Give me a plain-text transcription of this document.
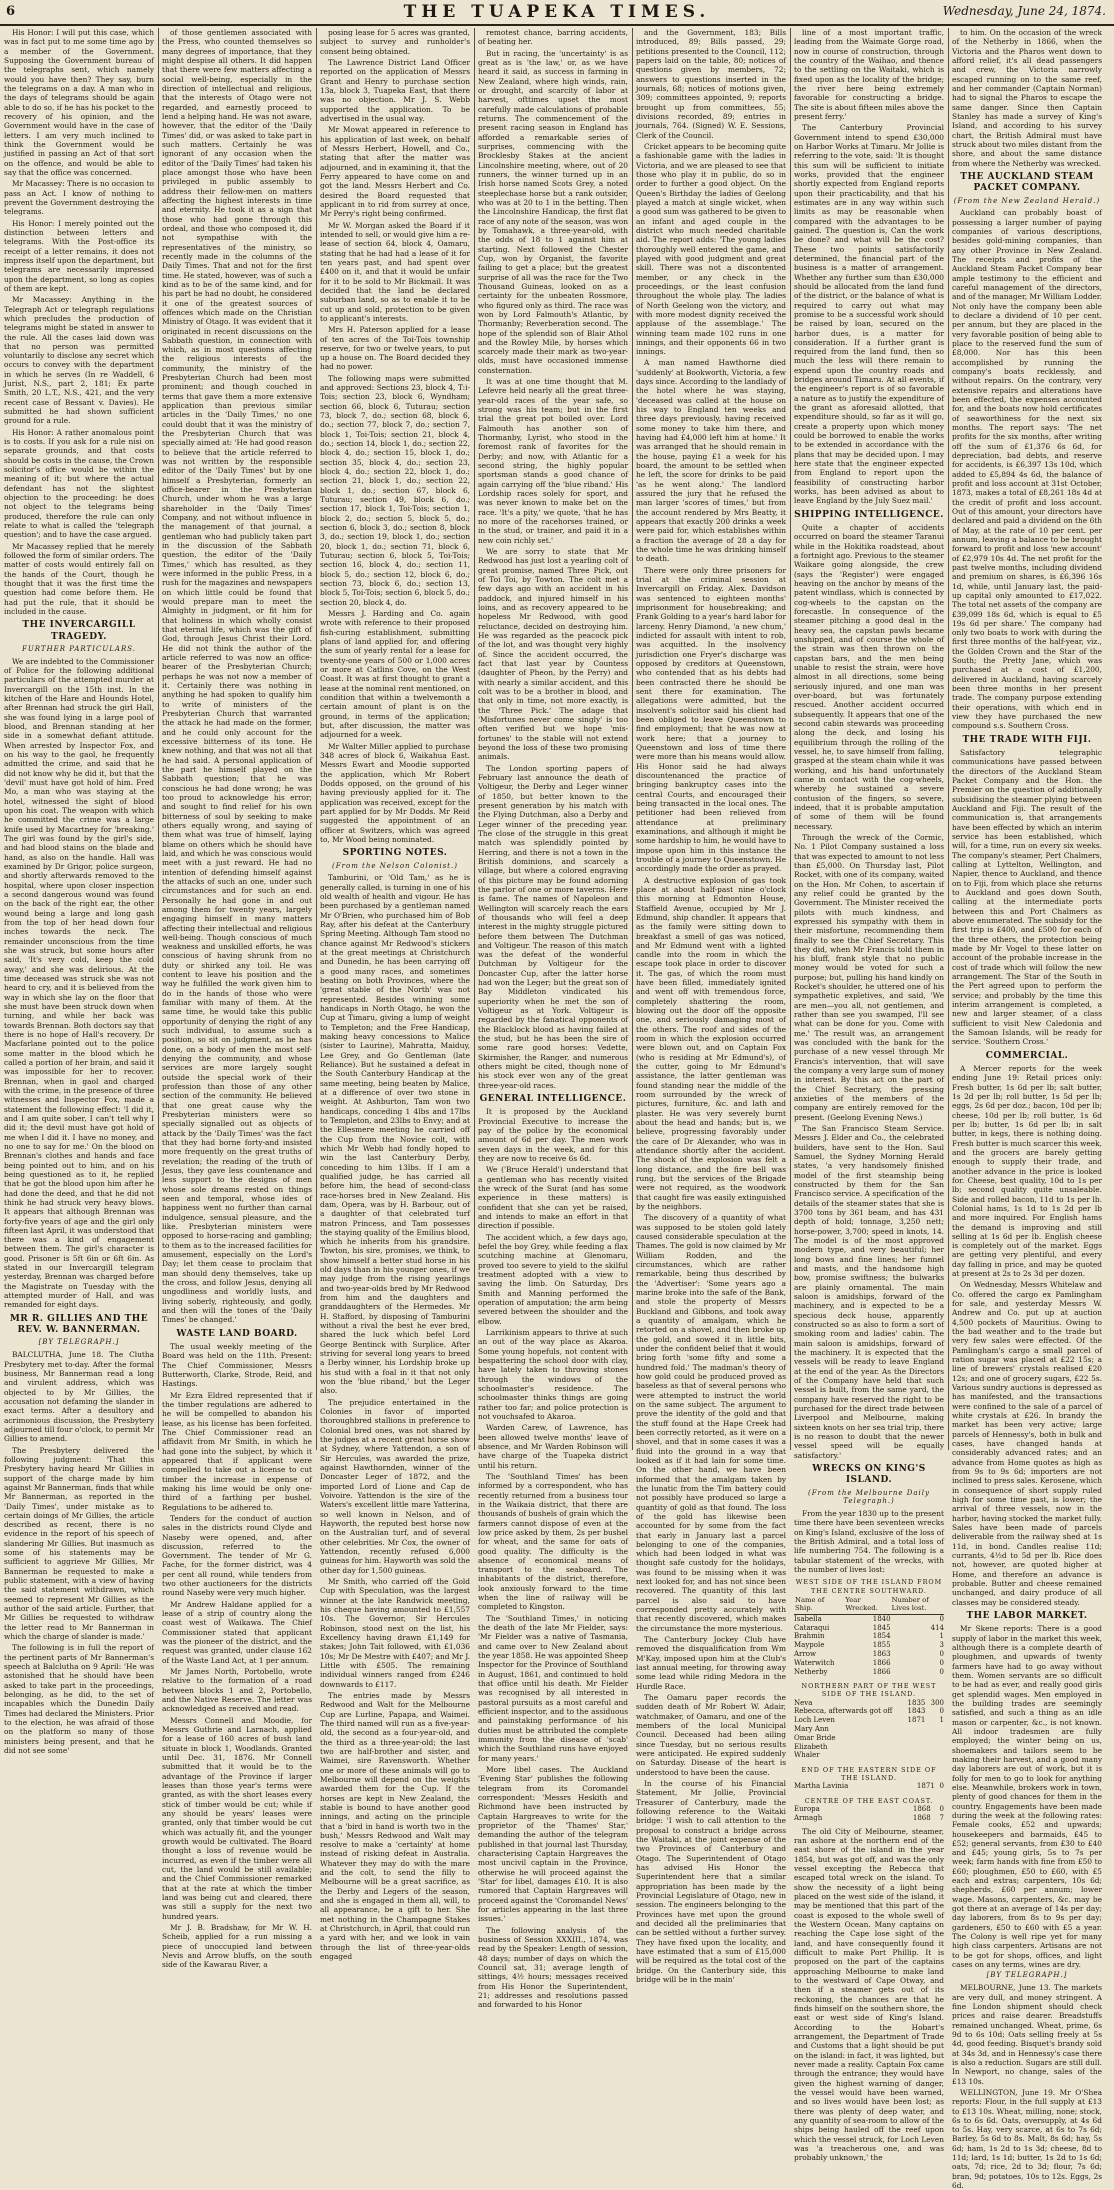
6	THE TUAPEKA TIMES.	Wednesday, June 24, 1874.

His Honor: I will put this case, which was in fact put to me some time ago by a member of the Government. Supposing the Government bureau of the telegraphs sent, which namely would you have then? They say, burn the telegrams on a day. A man who in the days of telegrams should be again able to do so, if he has his pocket to the recovery of his opinion, and the Government would have in the case of letters. I am very much inclined to think the Government would be justified in passing an Act of that sort on the offence, and would be able to say that the office was concerned.

Mr Macassey: There is no occasion to pass an Act. I know of nothing to prevent the Government destroying the telegrams.

His Honor: I merely pointed out the distinction between letters and telegrams. With the Post-office its receipt of a letter remains, it does not impress itself upon the department, but telegrams are necessarily impressed upon the department, so long as copies of them are kept.

Mr Macassey: Anything in the Telegraph Act or telegraph regulations which precludes the production of telegrams might be stated in answer to the rule. All the cases laid down was that no person was permitted voluntarily to disclose any secret which occurs to convey with the department in which he serves (In re Waddell, 6 Jurist, N.S., part 2, 181; Ex parte Smith, 20 L.T., N.S., 421, and the very recent case of Bessant v. Davies). He submitted he had shown sufficient ground for a rule.

His Honor: A rather anomalous point is to costs. If you ask for a rule nisi on separate grounds, and that costs should be costs in the cause, the Crown solicitor's office would be within the meaning of it; but where the actual defendant has not the slightest objection to the proceeding: he does not object to the telegrams being produced, therefore the rule can only relate to what is called the 'telegraph question'; and to have the case argued.

Mr Macassey replied that he merely followed the form of similar orders. The matter of costs would entirely fall on the hands of the Court, though he thought that it was the first time the question had come before them. He had put the rule, that it should be included in the cause.

THE INVERCARGILL TRAGEDY.
FURTHER PARTICULARS.

We are indebted to the Commissioner of Police for the following additional particulars of the attempted murder at Invercargill on the 15th inst. In the kitchen of the Hare and Hounds Hotel, after Brennan had struck the girl Hall, she was found lying in a large pool of blood, and Brennan standing at her side in a somewhat defiant attitude. When arrested by Inspector Fox, and on his way to the gaol, he frequently admitted the crime, and said that he did not know why he did it, but that the 'devil' must have got hold of him. Fred Mo, a man who was staying at the hotel, witnessed the sight of blood upon his coat. The weapon with which he committed the crime was a large knife used by Macartney for 'breaking.' The girl was found by the girl's side, and had blood stains on the blade and hand, as also on the handle. Hall was examined by Dr Grigor, police surgeon, and shortly afterwards removed to the hospital, where upon closer inspection a second dangerous wound was found on the back of the right ear, the other wound being a large and long gash from the top of her head down four inches towards the neck. The remainder unconscious from the time she was struck, but some hours after said, 'It's very cold, keep the cold away,' and she was delirious. At the time deceased was struck she was not heard to cry, and it is believed from the way in which she lay on the floor that she must have been struck down when turning, and while her back was towards Brennan. Both doctors say that there is no hope of Hall's recovery. Dr Macfarlane pointed out to the police some matter in the blood which he called a portion of her brain, and said it was impossible for her to recover. Brennan, when in gaol and charged with the crime, in the presence of three witnesses and Inspector Fox, made a statement the following effect: 'I did it, and I am quite sober, I can't tell why I did it; the devil must have got hold of me when I did it. I have no money, and no one to say for me.' On the blood on Brennan's clothes and hands and face being pointed out to him, and on his being questioned as to it, he replied that he got the blood upon him after he had done the deed, and that he did not think he had struck very heavy blows. It appears that although Brennan was forty-five years of age and the girl only fifteen last April, it was understood that there was a kind of engagement between them. The girl's character is good. Prisoner is 5ft 6in or 6ft 6in. As stated in our Invercargill telegram yesterday, Brennan was charged before the Magistrate on Tuesday with the attempted murder of Hall, and was remanded for eight days.

MR R. GILLIES AND THE REV. W. BANNERMAN.
[BY TELEGRAPH.]

BALCLUTHA, June 18. The Clutha Presbytery met to-day. After the formal business, Mr Bannerman read a long and virulent address, which was objected to by Mr Gillies, the accusation not defaming the slander in exact terms. After a desultory and acrimonious discussion, the Presbytery adjourned till four o'clock, to permit Mr Gillies to amend.

The Presbytery delivered the following judgment: 'That this Presbytery having heard Mr Gillies in support of the charge made by him against Mr Bannerman, finds that while Mr Bannerman, as reported in the 'Daily Times', under mistake as to certain doings of Mr Gillies, the article described as recent, there is no evidence in the report of his speech of slandering Mr Gillies. But inasmuch as some of his statements may be sufficient to aggrieve Mr Gillies, Mr Bannerman be requested to make a public statement, with a view of having the said statement withdrawn, which seemed to represent Mr Gillies as the author of the said article. Further, that Mr Gillies be requested to withdraw the letter read to Mr Bannerman in which the charge of slander is made.'

The following is in full the report of the pertinent parts of Mr Bannerman's speech at Balclutha on 9 April: 'He was astonished that he should have been asked to take part in the proceedings, belonging, as he did, to the set of incapables which the Dunedin Daily Times had declared the Ministers. Prior to the election, he was afraid of those on the platform so many of those ministers being present, and that he did not see some'

of those gentlemen associated with the Press, who counted themselves so many degrees of importance, that they might despise all others. It did happen that there were few matters affecting a social well-being, especially in the direction of intellectual and religious, that the interests of Otago were not regarded, and earnestly proceed to lend a helping hand. He was not aware, however, that the editor of the 'Daily Times' did, or was asked to take part in such matters. Certainly he was ignorant of any occasion when the editor of the 'Daily Times' had taken his place amongst those who have been privileged in public assembly to address their fellow-men on matters affecting the highest interests in time and eternity. He took it as a sign that those who had gone through this ordeal, and those who composed it, did not sympathise with the representatives of the ministry, so recently made in the columns of the Daily Times. That and not for the first time. He stated, however, was of such a kind as to be of the same kind, and for his part he had no doubt, he considered it one of the greatest sources of offences which made on the Christian Ministry of Otago. It was evident that it originated in recent discussions on the Sabbath question, in connection with which, as in most questions affecting the religious interests of the community, the ministry of the Presbyterian Church had been most prominent; and though couched in terms that gave them a more extensive application than previous similar articles in the 'Daily Times,' no one could doubt that it was the ministry of the Presbyterian Church that was specially aimed at: 'He had good reason to believe that the article referred to was not written by the responsible editor of the 'Daily Times' but by one himself a Presbyterian, formerly an office-bearer in the Presbyterian Church, under whom he was a large shareholder in the 'Daily Times' Company, and not without influence in the management of that journal, a gentleman who had publicly taken part in the discussion of the Sabbath question, the editor of the 'Daily Times,' which has resulted, as they were informed in the public Press, in a rush for the magazines and newspapers on which little could be found that would prepare man to meet the Almighty in judgment, or fit him for that holiness in which wholly consist that eternal life, which was the gift of God, through Jesus Christ their Lord. He did not think the author of the article referred to was now an office-bearer of the Presbyterian Church; perhaps he was not now a member of it. Certainly there was nothing in anything he had spoken to qualify him to write of ministers of the Presbyterian Church that warranted the attack he had made on the former, and he could only account for the excessive bitterness of its tone. He knew nothing, and that was not all that he had said. A personal application of the part he himself played on the Sabbath question; that he was conscious he had done wrong; he was too proud to acknowledge his error; and sought to find relief for his own bitterness of soul by seeking to make others equally wrong, and saying of them what was true of himself, laying blame on others which he should have laid, and which he was conscious would meet with a just reward. He had no intention of defending himself against the attacks of such an one, under such circumstances and for such an end. Personally he had gone in and out among them for twenty years, largely engaging himself in many matters affecting their intellectual and religious well-being. Though conscious of much weakness and unskilled efforts, he was conscious of having shrunk from no duty or shirked any toil. He was content to leave his position and the way he fulfilled the work given him to do in the hands of those who were familiar with many of them. At the same time, he would take this public opportunity of denying the right of any such individual, to assume such a position, so sit on judgment, as he has done, on a body of men the most self-denying the community, and whose services are more largely sought outside the special work of their profession than those of any other section of the community. He believed that one great cause why the Presbyterian ministers were so specially signalled out as objects of attack by the 'Daily Times' was the fact that they had borne forty-and insisted more frequently on the great truths of revelation; the reading of the truth of Jesus, they gave less countenance and less support to the designs of men whose sole dreams rested on things seen and temporal, whose ides of happiness went no further than carnal indulgence, sensual pleasure, and the like. Presbyterian ministers were opposed to horse-racing and gambling; to them as to the increased facilities for amusement, especially on the Lord's Day; let them cease to proclaim that man should deny themselves, take up the cross, and follow Jesus, denying all ungodliness and worldly lusts, and living soberly, righteously, and godly, and then will the tones of the 'Daily Times' be changed.'

WASTE LAND BOARD.

The usual weekly meeting of the Board was held on the 11th. Present: The Chief Commissioner, Messrs Butterworth, Clarke, Strode, Reid, and Hastings.

Mr Ezra Eldred represented that if the timber regulations are adhered to he will be compelled to abandon his lease, as his license has been forfeited. The Chief Commissioner read an affidavit from Mr Smith, in which he had gone into the subject, by which it appeared that if applicant were compelled to take out a license to cut timber the increase in expense of making his lime would be only one-third of a farthing per bushel. Regulations to be adhered to.

Tenders for the conduct of auction sales in the districts round Clyde and Naseby were opened, and, after discussion, referred to the Government. The tender of Mr G. Fache, for the former district, was 4 per cent all round, while tenders from two other auctioneers for the districts round Naseby were very much higher.

Mr Andrew Haldane applied for a lease of a strip of country along the coast west of Waikawa. The Chief Commissioner stated that applicant was the pioneer of the district, and the request was granted, under clause 162 of the Waste Land Act, at 1 per annum.

Mr James North, Portobello, wrote relative to the formation of a road between blocks 1 and 2, Portobello, and the Native Reserve. The letter was acknowledged as received and read.

Messrs Connell and Moodie, for Messrs Guthrie and Larnach, applied for a lease of 160 acres of bush land situate in block 1, Woodlands. Granted until Dec. 31, 1876. Mr Connell submitted that it would be to the advantage of the Province if larger leases than those year's terms were granted, as with the short leases every stick of timber would be cut; while if any should be years' leases were granted, only that timber would be cut which was actually fit, and the younger growth would be cultivated. The Board thought a loss of revenue would be incurred, as even if the timber were all cut, the land would be still available; and the Chief Commissioner remarked that at the rate at which the timber land was being cut and cleared, there was still a supply for the next two hundred years.

Mr J. B. Bradshaw, for Mr W. H. Scheib, applied for a run missing a piece of unoccupied land between Nevis and Arrow bluffs, on the south side of the Kawarau River, a

posing lease for 5 acres was granted, subject to survey and runholder's consent being obtained.

The Lawrence District Land Officer reported on the application of Messrs Grant and Henry to purchase section 13a, block 3, Tuapeka East, that there was no objection. Mr J. S. Webb supported the application. To be advertised in the usual way.

Mr Mowat appeared in reference to his application of last week, on behalf of Messrs Herbert, Howell, and Co., stating that after the matter was adjourned, and in examining it, that the Ferry appeared to have come on and got the land. Messrs Herbert and Co. desired the Board requested that applicant in to rid from surrey at once, Mr Perry's right being confirmed.

Mr W. Morgan asked the Board if it intended to sell, or would give him a re-lease of section 64, block 4, Oamaru, stating that he had had a lease of it for ten years past, and had spent over £400 on it, and that it would be unfair for it to be sold to Mr Bickmail. It was decided that the land be declared suburban land, so as to enable it to be cut up and sold, protection to be given to applicant's interests.

Mrs H. Paterson applied for a lease of ten acres of the Toi-Tois township reserve, for two or twelve years, to put up a house on. The Board decided they had no power.

The following maps were submitted and approved: Sections 23, block 4, T:i-Tois; section 23, block 6, Wyndham; section 66, block 6, Tuturau; section 73, block 7, do.; section 68, block 6, do.; section 77, block 7, do.; section 7, block 1, Toi-Tois; section 21, block 4, do.; section 14, block 1, do.; section 22, block 4, do.; section 15, block 1, do.; section 35, block 4, do.; section 23, block 4, do.; section 22, block 1, do.; section 21, block 1, do.; section 22, block 1, do.; section 67, block 6, Tuturau; section 49, block 6, do.; section 17, block 1, Toi-Tois; section 1, block 2, do.; section 5, block 5, do.; section 6, block 3, do.; section 8, block 3, do.; section 19, block 1, do.; section 20, block 1, do.; section 71, block 6, Tuturau; section 6, block 5, Toi-Tois; section 16, block 4, do.; section 11, block 5, do.; section 12, block 6, do.; section 73, block 6, do.; section 13, block 5, Toi-Tois; section 6, block 5, do.; section 20, block 4, do.

Messrs J. Harding and Co. again wrote with reference to their proposed fish-curing establishment, submitting plans of land applied for, and offering the sum of yearly rental for a lease for twenty-one years of 500 or 1,000 acres or more at Catlins Cove, on the West Coast. It was at first thought to grant a lease at the nominal rent mentioned, on condition that within a twelvemonth a certain amount of plant is on the ground, in terms of the application; but, after discussion, the matter was adjourned for a week.

Mr Walter Miller applied to purchase 348 acres of block 6, Waikahua East. Messrs Ewart and Moodie supported the application, which Mr Robert Dodds opposed, on the ground of his having previously applied for it. The application was received, except for the part applied for by Mr Dodds. Mr Reid suggested the appointment of an officer at Switzers, which was agreed to, Mr Wood being nominated.

SPORTING NOTES.
(From the Nelson Colonist.)

Tamburini, or 'Old Tam,' as he is generally called, is turning in one of his old wealth of health and vigour. He has been purchased by a gentleman named Mr O'Brien, who purchased him of Bob Ray, after his defeat at the Canterbury Spring Meeting. Although Tam stood no chance against Mr Redwood's stickers at the great meetings at Christchurch and Dunedin, he has been carrying off a good many races, and sometimes beating on both Provinces, where the 'great stable of the North' was not represented. Besides winning some handicaps in North Otago, he won the Cup at Timaru, giving a lump of weight to Templeton; and the Free Handicap, making heavy concessions to Malice (sister to Laurine), Mahratta, Maiduy, Lee Grey, and Go Gentleman (late Reliance). But he sustained a defeat in the South Canterbury Handicap at the same meeting, being beaten by Malice, at a difference of over two stone in weight. At Ashburton, Tam won two handicaps, conceding 1 4lbs and 17lbs to Templeton, and 23lbs to Envy; and at the Ellesmere meeting he carried off the Cup from the Novice colt, with which Mr Webb had fondly hoped to win the last Canterbury Derby, conceding to him 13lbs. If I am a qualified judge, he has carried all before him, the head of second-class race-horses bred in New Zealand. His dam, Opera, was by H. Barbour, out of a daughter of that celebrated turf matron Princess, and Tam possesses the staying quality of the Emilius blood, which he inherits from his grandsire. Towton, his sire, promises, we think, to show himself a better stud horse in his old days than in his younger ones, if we may judge from the rising yearlings and two-year-olds bred by Mr Redwood from him and the daughters and granddaughters of the Hermedes. Mr H. Stafford, by disposing of Tamburini without a rival the best he ever bred, shared the luck which befel Lord George Bentinck with Surplice. After striving for several long years to breed a Derby winner, his Lordship broke up his stud with a foal in it that not only won the 'blue riband,' but the Leger also.

The prejudice entertained in the Colonies in favor of imported thoroughbred stallions in preference to Colonial bred ones, was not shared by the judges at a recent great horse show at Sydney, where Yattendon, a son of Sir Hercules, was awarded the prize, against Hawthornden, winner of the Doncaster Leger of 1872, and the imported Lord of Lione and Cap de Voivoire. Yattendon is the sire of the Waters's excellent little mare Yatterina, so well known in Nelson, and of Hayworth, the reputed best horse now on the Australian turf, and of several other celebrities. Mr Cox, the owner of Yattendon, recently refused 6,000 guineas for him. Hayworth was sold the other day for 1,500 guineas.

Mr Smith, who carried off the Gold Cup with Speculation, was the largest winner at the late Randwick meeting, his cheque having amounted to £1,557 10s. The Governor, Sir Hercules Robinson, stood next on the list, his Excellency having drawn £1,149 for stakes; John Tait followed, with £1,036 10s; Mr De Mestre with £407; and Mr J. Little with £505. The remaining individual winners ranged from £246 downwards to £117.

The entries made by Messrs Redwood and Walt for the Melbourne Cup are Lurline, Papapa, and Waimei. The third named will run as a five-year-old, the second as a four-year-old, and the third as a three-year-old; the last two are half-brother and sister, and Waimei, sire Ravensworth. Whether one or more of these animals will go to Melbourne will depend on the weights awarded them for the Cup. If the horses are kept in New Zealand, the stable is bound to have another good innings, and acting on the principle that a 'bird in hand is worth two in the bush,' Messrs Redwood and Walt may resolve to make a 'certainty' at home instead of risking defeat in Australia. Whatever they may do with the mare and the colt, to send the filly to Melbourne will be a great sacrifice, as the Derby and Legers of the season, and she is engaged in them all, will, to all appearance, be a gift to her. She met nothing in the Champagne Stakes at Christchurch, in April, that could run a yard with her, and we look in vain through the list of three-year-olds engaged

remotest chance, barring accidents, of beating her.

But in racing, the 'uncertainty' is as great as is 'the law,' or, as we have heard it said, as success in farming in New Zealand, where high winds, rain, or drought, and scarcity of labor at harvest, ofttimes upset the most carefully made calculations of probable returns. The commencement of the present racing season in England has afforded a remarkable series of surprises, commencing with the Brocklesby Stakes at the ancient Lincolnshire meeting, where, out of 20 runners, the winner turned up in an Irish horse named Scots Grey, a noted steeplechase horse but a rank outsider, who was at 20 to 1 in the betting. Then the Lincolnshire Handicap, the first flat race of any note of the season, was won by Tomahawk, a three-year-old, with the odds of 18 to 1 against him at starting. Next followed the Chester Cup, won by Organist, the favorite failing to get a place; but the greatest surprise of all was the race for the Two Thousand Guineas, looked on as a certainty for the unbeaten Rossmore, who figured only as third. The race was won by Lord Falmouth's Atlantic, by Thormanby; Reverberation second. The hope of the splendid son of Blair Athol and the Rowley Mile, by horses which scarcely made their mark as two-year-olds, must have occasioned immense consternation.

It was at one time thought that M. Lefevre held nearly all the great three-year-old races of the year safe, so strong was his team; but in the first trial the great pot boiled over. Lord Falmouth has another son of Thormanby, Lyrist, who stood in the foremost rank of favorites for the Derby; and now, with Atlantic for a second string, the highly popular sportsman stands a good chance of again carrying off the 'blue riband.' His Lordship races solely for sport, and was never known to make bet on the race. 'It's a pity,' we quote, 'that he has no more of the racehorses trained, or in the stud, or trainer, and paid it in a new coin richly set.'

We are sorry to state that Mr Redwood has just lost a yearling colt of great promise, named Three Pick, out of Toi Toi, by Towton. The colt met a few days ago with an accident in his paddock, and injured himself in his loins, and as recovery appeared to be hopeless Mr Redwood, with good reluctance, decided on destroying him. He was regarded as the peacock pick of the lot, and was thought very highly of. Since the accident occurred, the fact that last year by Countess (daughter of Pheon, by the Perry) and with nearly a similar accident, and this colt was to be a brother in blood, and that only in time, not more exactly, is the 'Three Pick.' The adage that 'Misfortunes never come singly' is too often verified but we hope 'mis-fortunes' to the stable will not extend beyond the loss of these two promising animals.

The London sporting papers of February last announce the death of Voltigeur, the Derby and Leger winner of 1850, but better known to the present generation by his match with the Flying Dutchman, also a Derby and Leger winner of the preceding year. The close of the struggle in this great match was splendidly pointed by Herring, and there is not a town in the British dominions, and scarcely a village, but where a colored engraving of this picture may be found adorning the parlor of one or more taverns. Here is fame. The names of Napoleon and Wellington will scarcely reach the ears of thousands who will feel a deep interest in the mighty struggle pictured before them between The Dutchman and Voltigeur. The reason of this match was the defeat of the wonderful Dutchman by Voltigeur for the Doncaster Cup, after the latter horse had won the Leger; but the great son of Bay Middleton vindicated his superiority when he met the son of Voltigeur as at York. Voltigeur is regarded by the fanatical opponents of the Blacklock blood as having failed at the stud, but he has been the sire of some rare good horses: Vedette, Skirmisher, the Ranger, and numerous others might be cited, though none of his stock ever won any of the great three-year-old races.

GENERAL INTELLIGENCE.

It is proposed by the Auckland Provincial Executive to increase the pay of the police by the economical amount of 6d per day. The men work seven days in the week, and for this they are now to receive 6s 6d.

We ('Bruce Herald') understand that a gentleman who has recently visited the wreck of the Surat (and has some experience in these matters) is confident that she can yet be raised, and intends to make an effort in that direction if possible.

The accident which, a few days ago, befel the boy Grey, while feeding a flax scutching machine at Glenomaru, proved too severe to yield to the skilful treatment adopted with a view to saving the limb. On Saturday, Drs Smith and Manning performed the operation of amputation; the arm being severed between the shoulder and the elbow.

Larrikinism appears to thrive at such an out of the way place as Akaroa. Some young hopefuls, not content with bespattering the school door with clay, have lately taken to throwing stones through the windows of the schoolmaster's residence. The schoolmaster thinks things are going rather too far; and police protection is not vouchsafed to Akaroa.

Warden Carew, of Lawrence, has been allowed twelve months' leave of absence, and Mr Warden Robinson will have charge of the Tuapeka district until his return.

The 'Southland Times' has been informed by a correspondent, who has recently returned from a business tour in the Waikaia district, that there are thousands of bushels of grain which the farmers cannot dispose of even at the low price asked by them, 2s per bushel for wheat, and the same for oats of good quality. The difficulty is the absence of economical means of transport to the seaboard. The inhabitants of the district, therefore, look anxiously forward to the time when the line of railway will be completed to Kingston.

The 'Southland Times,' in noticing the death of the late Mr Fielder, says: 'Mr Fielder was a native of Tasmania, and came over to New Zealand about the year 1858. He was appointed Sheep Inspector for the Province of Southland in August, 1861, and continued to hold that office until his death. Mr Fielder was recognised by all interested in pastoral pursuits as a most careful and efficient inspector, and to the assiduous and painstaking performance of his duties must be attributed the complete immunity from the disease of 'scab' which the Southland runs have enjoyed for many years.'

More libel cases. The Auckland 'Evening Star' publishes the following telegram from its Coromandel correspondent: 'Messrs Heskith and Richmond have been instructed by Captain Hargreaves to write for the proprietor of the 'Thames' Star,' demanding the author of the telegram published in that journal last Thursday, characterising Captain Hargreaves the most uncivil captain in the Province, otherwise he will proceed against the 'Star' for libel, damages £10. It is also rumored that Captain Hargreaves will proceed against the 'Coromandel News' for articles appearing in the last three issues.'

The following analysis of the business of Session XXXIII., 1874, was read by the Speaker: Length of session, 48 days; number of days on which the Council sat, 31; average length of sittings, 4½ hours; messages received from His Honor the Superintendent, 21; addresses and resolutions passed and forwarded to his Honor

and the Government, 183; Bills introduced, 89; Bills passed, 29; petitions presented to the Council, 112; papers laid on the table, 80; notices of questions given by members, 72; answers to questions inserted in the journals, 68; notices of motions given, 309; committees appointed, 9; reports brought up from committees, 55; divisions recorded, 89; entries in journals, 764. (Signed) W. E. Sessions, Clerk of the Council.

Cricket appears to be becoming quite a fashionable game with the ladies in Victoria, and we are pleased to see that those who play it in public, do so in order to further a good object. On the Queen's Birthday the ladies of Geelong played a match at single wicket, when a good sum was gathered to be given to an infant and aged couple in the district who much needed charitable aid. The report adds: 'The young ladies thoroughly well entered the game, and played with good judgment and great skill. There was not a discontented member, or any check in the proceedings, or the least confusion throughout the whole play. The ladies of North Geelong won the victory, and with more modest dignity received the applause of the assemblage.' The winning team made 102 runs in one innings, and their opponents 66 in two innings.

A man named Hawthorne died 'suddenly' at Bookworth, Victoria, a few days since. According to the landlady of the hotel where he was staying, 'deceased was called at the house on his way to England ten weeks and three days previously, having received some money to take him there, and having had £4,000 left him at home.' It was arranged that he should remain in the house, paying £1 a week for his board, the amount to be settled when he left, the score for drinks to be paid 'as he went along.' The landlord assured the jury that he refused the man larger 'scores of times,' but from the account rendered by Mrs Beatty, it appears that exactly 200 drinks a week were paid for, which establishes within a fraction the average of 28 a day for the whole time he was drinking himself to death.

There were only three prisoners for trial at the criminal session at Invercargill on Friday. Alex. Davidson was sentenced to eighteen months' imprisonment for housebreaking; and Frank Golding to a year's hard labor for larceny. Henry Diamond, 'a new chum,' indicted for assault with intent to rob, was acquitted. In the insolvency jurisdiction one Fryer's discharge was opposed by creditors at Queenstown, who contended that as his debts had been contracted there he should be sent there for examination. The allegations were admitted, but the insolvent's solicitor said his client had been obliged to leave Queenstown to find employment; that he was now at work here; that a journey to Queenstown and loss of time there were more than his means would allow. His Honor said he had always discountenanced the practice of bringing bankruptcy cases into the central Courts, and encouraged their being transacted in the local ones. The petitioner had been relieved from attendance at preliminary examinations, and although it might be some hardship to him, he would have to impose upon him in this instance the trouble of a journey to Queenstown. He accordingly made the order as prayed.

A destructive explosion of gas took place at about half-past nine o'clock this morning at Edmonton House, Staffield Avenue, occupied by Mr J. Edmund, ship chandler. It appears that as the family were sitting down to breakfast a smell of gas was noticed, and Mr Edmund went with a lighted candle into the room in which the escape took place in order to discover it. The gas, of which the room must have been filled, immediately ignited and went off with tremendous force, completely shattering the room, blowing out the door off the opposite one, and seriously damaging most of the others. The roof and sides of the room in which the explosion occurred were blown out, and on Captain Fox (who is residing at Mr Edmund's), of the cutter, going to Mr Edmund's assistance, the latter gentleman was found standing near the middle of the room surrounded by the wreck of pictures, furniture, &c. and lath and plaster. He was very severely burnt about the head and hands; but is, we believe, progressing favorably under the care of Dr Alexander, who was in attendance shortly after the accident. The shock of the explosion was felt a long distance, and the fire bell was rung, but the services of the Brigade were not required, as the woodwork that caught fire was easily extinguished by the neighbors.

The discovery of a quantity of what was supposed to be stolen gold lately caused considerable speculation at the Thames. The gold is now claimed by Mr William Rodden, and the circumstances, which are rather remarkable, being thus described by the 'Advertiser': 'Some years ago a marine broke into the safe of the Bank, and stole the property of Messrs Buckland and Gibbons, and took away a quantity of amalgam, which he retorted on a shovel, and then broke up the gold, and sowed it in little bits, under the confident belief that it would bring forth 'some fifty and some a hundred fold.' The madman's theory of how gold could be produced proved as baseless as that of several persons who were attempted to instruct the world on the same subject. The argument to prove the identity of the gold and that the stuff found at the Hape Creek had been correctly retorted, as it were on a shovel, and that in some cases it was a fluid into the ground in a way that looked as if it had lain for some time. On the other hand, we have been informed that the amalgam taken by the lunatic from the Tim battery could not possibly have produced so large a quantity of gold as that found. The loss of the gold has likewise been accounted for by some from the fact that early in January last a parcel belonging to one of the companies, which had been lodged in what was thought safe custody for the holidays, was found to be missing when it was next looked for, and has not since been recovered. The quantity of this last parcel is also said to have corresponded pretty accurately with that recently discovered, which makes the circumstance the more mysterious.

The Canterbury Jockey Club have removed the disqualification from Wm M'Kay, imposed upon him at the Club's last annual meeting, for throwing away some lead while riding Medora in the Hurdle Race.

The Oamaru paper records the sudden death of Mr Robert W. Adair, watchmaker, of Oamaru, and one of the members of the local Municipal Council. Deceased had been ailing since Tuesday, but no serious results were anticipated. He expired suddenly on Saturday. Disease of the heart is understood to have been the cause.

In the course of his Financial Statement, Mr Jollie, Provincial Treasurer of Canterbury, made the following reference to the Waitaki bridge: 'I wish to call attention to the proposal to construct a bridge across the Waitaki, at the joint expense of the two Provinces of Canterbury and Otago. The Superintendent of Otago has advised His Honor the Superintendent here that a similar appropriation has been made by the Provincial Legislature of Otago, new in session. The engineers belonging to the Provinces have met upon the ground and decided all the preliminaries that can be settled without a further survey. They have fixed upon the locality, and have estimated that a sum of £15,000 will be required as the total cost of the bridge. On the Canterbury side, this bridge will be in the main'

line of a most important traffic, leading from the Waimate Gorge road, now in course of construction, through the country of the Waihao, and thence to the settling on the Waitaki, which is fixed upon as the locality of the bridge; the river here being extremely favorable for constructing a bridge. The site is about fifteen miles above the present ferry.'

The Canterbury Provincial Government intend to spend £30,000 on Harbor Works at Timaru. Mr Jollie is referring to the vote, said: 'It is thought this sum will be sufficient to initiate works, provided that the engineer shortly expected from England reports upon their practicability, and that his estimates are in any way within such limits as may be reasonable when compared with the advantages to be gained. The question is, Can the work be done? and what will be the cost? These two points satisfactorily determined, the financial part of the business is a matter of arrangement. Whether any further sum than £30,000 should be allocated from the land fund of the district, or the balance of what is required to carry out what may promise to be a successful work should be raised by loan, secured on the harbor dues, is a matter for consideration. If a further grant is required from the land fund, then so much the less will there remain to expend upon the country roads and bridges around Timaru. At all events, if the engineer's report is of so favorable a nature as to justify the expenditure of the grant as aforesaid allotted, that expenditure should, so far as it will go, create a property upon which money could be borrowed to enable the works to be extended in accordance with the plans that may be decided upon. I may here state that the engineer expected from England to report upon the feasibility of constructing harbor works, has been advised as about to leave England by the July Suez mail.'

SHIPPING INTELLIGENCE.

Quite a chapter of accidents occurred on board the steamer Taranui while in the Hokitika roadstead, about a fortnight ago. Previous to the steamer Waikare going alongside, the crew (says the 'Register') were engaged heaving on the anchor by means of the patent windlass, which is connected by cog-wheels to the capstan on the forecastle. In consequence of the steamer pitching a good deal in the heavy sea, the capstan pawls became unshipped, and of course the whole of the strain was then thrown on the capstan bars, and the men being unable to resist the strain, were hove almost in all directions, some being seriously injured, and one man was over-board, but was fortunately rescued. Another accident occurred subsequently. It appears that one of the second cabin stewards was proceeding along the deck, and losing his equilibrium through the rolling of the vessel, he, to save himself from falling, grasped at the steam chain while it was working, and his hand unfortunately came in contact with the cog-wheels, whereby he sustained a severe contusion of the fingers, so severe, indeed, that it is probable amputation of some of them will be found necessary.

Through the wreck of the Cormic, No. 1 Pilot Company sustained a loss that was expected to amount to not less than £5,000. On Thursday last, Pilot Rocket, with one of its company, waited on the Hon. Mr Cohen, to ascertain if any relief could be granted by the Government. The Minister received the pilots with much kindness, and expressed his sympathy with them in their misfortune, recommending them finally to see the Chief Secretary. This they did, when Mr Francis told them in his bluff, frank style that no public money would be voted for such a purpose; but, pulling his hand kindly on Rocket's shoulder, he uttered one of his sympathetic expletives, and said, 'We are men—you all, not gentlemen, and rather than see you swamped, I'll see what can be done for you. Come with me.' The result was, an arrangement was concluded with the bank for the purchase of a new vessel through Mr Francis's intervention, that will save the company a very large sum of money in interest. By this act on the part of the Chief Secretary, the pressing anxieties of the members of the company are entirely removed for the present. (Geelong Evening News.)

The San Francisco Steam Service. Messrs J. Elder and Co., the celebrated builders, have sent to the Hon. Saul Samuel, the Sydney Morning Herald states, 'a very handsomely finished model of the first steamship being constructed by them for the San Francisco service. A specification of the details of the steamer states that she is 3700 tons by 361 beam, and has 431 depth of hold; tonnage, 3,250 nett; horse-power, 3,700; speed in knots, 14. The model is of the most approved modern type, and very beautiful; her long bows and fine lines; her funnel and masts, and the handsome high bow, promise swiftness; the bulwarks are plainly ornamental. The main saloon is amidships, forward of the machinery, and is expected to be a specious deck house, apparently constructed so as also to form a sort of smoking room and ladies' cabin. The main saloon is amidships, forward of the machinery. It is expected that the vessels will be ready to leave England at the end of the year. As the Directors of the Company have held that such vessel is built, from the same yard, the company have reserved the right to be purchased for the direct trade between Liverpool and Melbourne, making sixteen knots on her sea trial trip, there is no reason to doubt that the newer vessel speed will be equally satisfactory.'

WRECKS ON KING'S ISLAND.
(From the Melbourne Daily Telegraph.)

From the year 1830 up to the present time there have been seventeen wrecks on King's Island, exclusive of the loss of the British Admiral, and a total loss of life numbering 754. The following is a tabular statement of the wrecks, with the number of lives lost:

WEST SIDE OF THE ISLAND FROM THE CENTRE SOUTHWARD.		
Name of Ship.	Year Wrecked.	Number of Lives lost.
Isabella	1840	0
Cataraqui	1845	414
Brahmin	1854	1
Maypole	1855	3
Arrow	1863	0
Waterwitch	1866	0
Netherby	1866	0
NORTHERN PART OF THE WEST SIDE OF THE ISLAND.		
Neva	1835	300
Rebecca, afterwards got off	1843	0
Loch Leven	1871	1
Mary Ann		
Omar Bride		
Elizabeth		
Whaler		
END OF THE EASTERN SIDE OF THE ISLAND.
Martha Lavinia	1871	0
CENTRE OF THE EAST COAST.		
Europa	1868	0
Armagh	1868	7

The old City of Melbourne, steamer, ran ashore at the northern end of the east shore of the island in the year 1854, but was got off, and was the only vessel excepting the Rebecca that escaped total wreck on the island. To show the necessity of a light being placed on the west side of the island, it may be mentioned that this part of the coast is exposed to the whole swell of the Western Ocean. Many captains on reaching the Cape lose sight of the land, and have consequently found it difficult to make Port Phillip. It is proposed on the part of the captains approaching Melbourne to make land to the westward of Cape Otway, and then if a steamer gets out of its reckoning, the chances are that he finds himself on the southern shore, the east or west side of King's Island. According to the Hobart's arrangement, the Department of Trade and Customs that a light should be put on the island: in fact, it was lighted, but never made a reality. Captain Fox came through the entrance; they would have given the highest warning of danger, the vessel would have been warned, and so lives would have been lost; as there was plenty of deep water, and any quantity of sea-room to allow of the ships being hauled off the reef upon which the vessel struck, for Loch Leven was 'a treacherous one, and was probably unknown,' the

to him. On the occasion of the wreck of the Netherby in 1866, when the Victoria and the Pharos went down to afford relief, it's all dead passengers and crew, the Victoria narrowly escaped running on to the same reef, and her commander (Captain Norman) had to signal the Pharos to escape the same danger. Since then Captain Stanley has made a survey of King's Island, and according to his survey chart, the British Admiral must have struck about two miles distant from the shore, and about the same distance from where the Netherby was wrecked.

THE AUCKLAND STEAM PACKET COMPANY.
(From the New Zealand Herald.)

Auckland can probably boast of possessing a larger number of paying companies of various descriptions, besides gold-mining companies, than any other Province in New Zealand. The receipts and profits of the Auckland Steam Packet Company bear ample testimony to the efficient and careful management of the directors, and of the manager, Mr William Lodder. Not only have the company been able to declare a dividend of 10 per cent. per annum, but they are placed in the very favorable position of being able to place to the reserved fund the sum of £8,000. Nor has this been accomplished by running the company's boats recklessly, and without repairs. On the contrary, very extensive repairs and alterations have been effected, the expenses accounted for, and the boats now hold certificates of seaworthiness for the next six months. The report says: 'The net profits for the six months, after writing off the sum of £1,376 6s 6d, for depreciation, bad debts, and reserve for accidents, is £6,397 13s 10d, which added to £5,894 4s 6d, the balance of profit and loss account at 31st October, 1873, makes a total of £8,261 18s 4d at the credit of profit and loss account. Out of this amount, your directors have declared and paid a dividend on the 6th of May, at the rate of 10 per cent. per annum, leaving a balance to be brought forward to profit and loss 'new account' of £2,979 10s 4d. The net profit for the past twelve months, including dividend and premium on shares, is £6,396 16s 1d, while, until January last, the paid-up capital only amounted to £17,022. The total net assets of the company are £39,099 18s 6d, which is equal to £5 19s 6d per share.' The company had only two boats to work with during the first three months of the half-year, viz., the Golden Crown and the Star of the South; the Pretty Jane, which was purchased at a cost of £1,200, delivered in Auckland, having scarcely been three months in her present trade. The company purpose extending their operations, with which end in view they have purchased the new compound s.s. Southern Cross.

THE TRADE WITH FIJI.

Satisfactory telegraphic communications have passed between the directors of the Auckland Steam Packet Company and the Hon. the Premier on the question of additionally subsidising the steamer plying between Auckland and Fiji. The result of the communication is, that arrangements have been effected by which an interim service has been established, which will, for a time, run on every six weeks. The company's steamer, Pert Chalmers, calling at Lyttelton, Wellington, and Napier, thence to Auckland, and thence on to Fiji, from which place she returns to Auckland and goes down South, calling at the intermediate ports between this and Port Chalmers as above enumerated. The subsidy for the first trip is £400, and £500 for each of the three others, the protection being made by Mr Vogel to these latter on account of the probable increase in the cost of trade which will follow the new arrangement. The Star of the South in the Pert agreed upon to perform the service; and probably by the time this interim arrangement is completed, a new and larger steamer, of a class sufficient to visit New Caledonia and the Samoan Islands, will be ready for service. 'Southern Cross.'

COMMERCIAL.

A Mercer reports for the week ending June 19: Retail prices only: Fresh butter, 1s 6d per lb; salt butter, 1s 2d per lb; roll butter, 1s 5d per lb; eggs, 2s 6d per doz.; bacon, 10d per lb; cheese, 10d per lb; roll butter, 1s 6d per lb; butter, 1s 6d per lb; in salt butter, in kegs, there is nothing doing. Fresh butter is much scarcer this week, and the grocers are barely getting enough to supply their trade, and another advance in the price is looked for. Cheese, best quality, 10d to 1s per lb; second quality quite unsaleable. Side and rolled bacon, 11d to 1s per lb. Colonial hams, 1s 1d to 1s 2d per lb and more inquired. For English hams the demand is improving and still selling at 1s 6d per lb. English cheese is completely out of the market. Eggs are getting very plentiful, and every day falling in price, and may be quoted at present at 2s to 2s 3d per dozen.

On Wednesday, Messrs Whitelaw and Co. offered the cargo ex Pamlingham for sale, and yesterday Messrs W. Andrew and Co. put up at auction 4,500 pockets of Mauritius. Owing to the bad weather and to the trade but very few sales were effected. Of the Pamlingham's cargo a small parcel of ration sugar was placed at £22 15s; a line of brewers' crystals realised £20 12s; and one of grocery sugars, £22 5s. Various sundry auctions is depressed as has manifested, and the transactions were confined to the sale of a parcel of white crystals at £26. In brandy the market has been very active; large parcels of Hennessy's, both in bulk and cases, have changed hands at considerably advanced rates; and an advance from Home quotes as high as from 9s to 9s 6d; importers are not inclined to press sales. Kerosene, which in consequence of short supply ruled high for some time past, is lower; the arrival of three vessels, now in the harbor, having stocked the market fully. Sales have been made of parcels deliverable from the railway shed at 1s 11d, in bond. Candles realise 11d; currants, 4½d to 5d per lb. Rice does not, however, are quoted higher at Home, and therefore an advance is probable. Butter and cheese remained unchanged, and dairy produce of all classes may be considered steady.

THE LABOR MARKET.

Mr Skene reports: There is a good supply of labor in the market this week, although there is a complete dearth of ploughmen, and upwards of twenty farmers have had to go away without them. Women servants are so difficult to be had as ever, and really good girls get splendid wages. Men employed in the building trades are seemingly satisfied, and such a thing as an idle mason or carpenter, &c., is not known. All indoor tradesmen are fully employed; the winter being on us, shoemakers and tailors seem to be making their harvest, and a good many day laborers are out of work, but it is folly for men to go to look for anything else. Meanwhile, brokers work in town, plenty of good chances for them in the country. Engagements have been made during the week at the following rates: Female cooks, £52 and upwards; housekeepers and barmaids, £45 to £52; general servants, from £30 to £40 and £45; young girls, 5s to 7s per week; farm hands with fine from £50 to £60; ploughmen, £50 to £60, with £5 each and extras; carpenters, 10s 6d; shepherds, £60 per annum; lower wage. Masons, carpenters, &c. may be got there at an average of 14s per day; day laborers, from 8s to 9s per day; gardeners, £50 to £60 with £5 a year. The Colony is well ripe yet for many high class carpenters. Artisans are not to be got for shops, offices, and light cases on any terms, wines are dry.

[BY TELEGRAPH.]

MELBOURNE, June 13. The markets are very dull, and money stringent. A fine London shipment should check prices and raise dearer. Breadstuffs remained unchanged. Wheat, prime, 6s 9d to 6s 10d; Oats selling freely at 5s 4d, good feeding. Bisquet's brandy sold at 34s 3d, and in Hennessy's case there is also a reduction. Sugars are still dull. In Newport, no change, sales of the £13 10s.

WELLINGTON, June 19. Mr O'Shea reports: Flour, in the full supply at £13 to £13 10s. Wheat, milling, none; stock, 6s to 6s 6d. Oats, oversupply, at 4s 6d to 5s. Hay, very scarce, at 6s to 7s 6d; Barley, 5s 6d to 8s. Malt, 8s 6d; hay, 5s 6d; ham, 1s 2d to 1s 3d; cheese, 8d to 11d; lard, 1s 1d; butter, 1s 2d to 1s 6d; oats, 7d; rice, 2d to 3d; flour, 7s 6d; bran, 9d; potatoes, 10s to 12s. Eggs, 2s 6d.
